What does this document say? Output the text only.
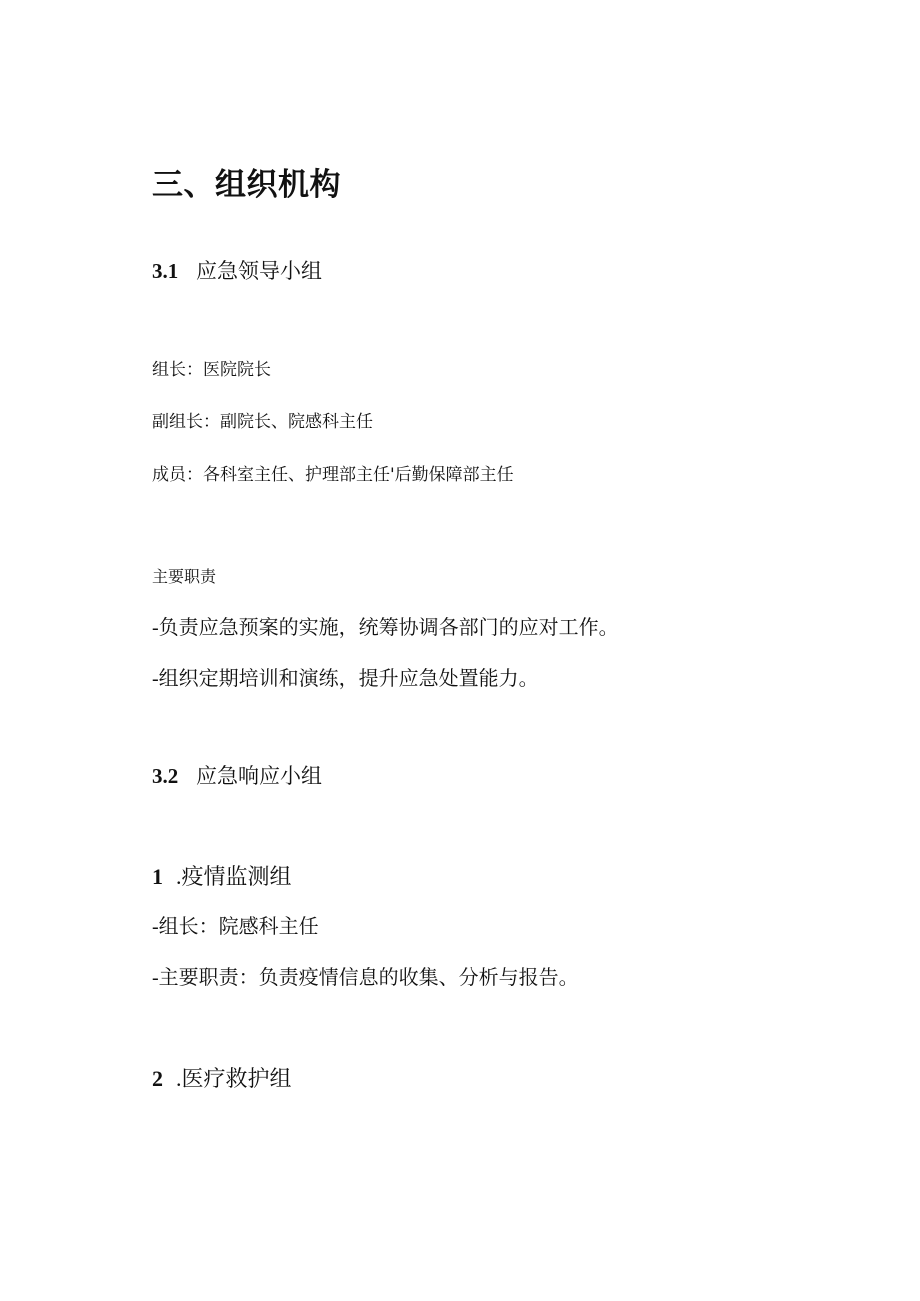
三、组织机构
3.1 应急领导小组
组长：医院院长
副组长：副院长、院感科主任
成员：各科室主任、护理部主任'后勤保障部主任
主要职责
-负责应急预案的实施，统筹协调各部门的应对工作。
-组织定期培训和演练，提升应急处置能力。
3.2 应急响应小组
1 .疫情监测组
-组长：院感科主任
-主要职责：负责疫情信息的收集、分析与报告。
2 .医疗救护组
